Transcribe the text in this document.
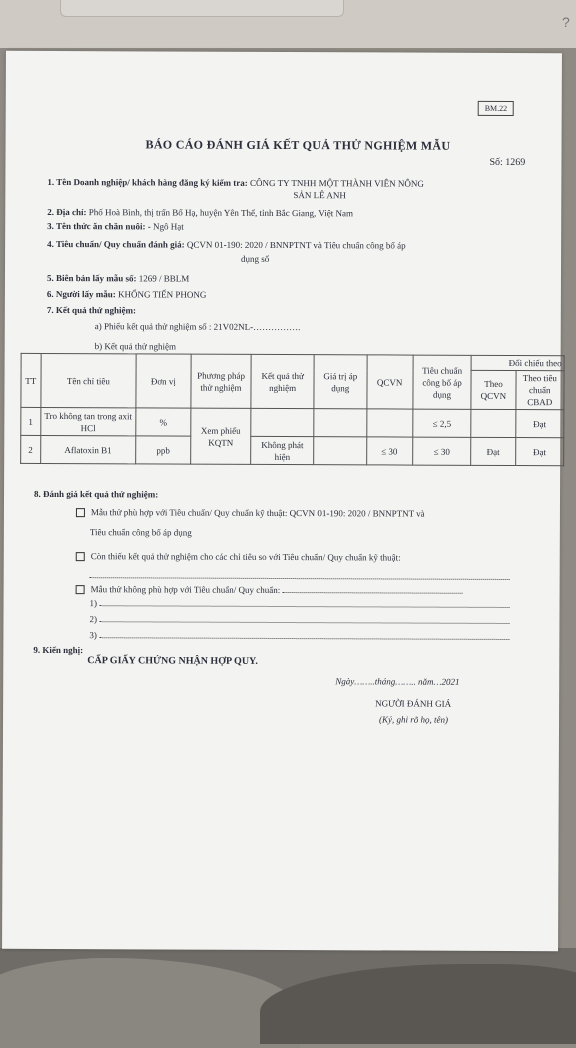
?
BM.22
BÁO CÁO ĐÁNH GIÁ KẾT QUẢ THỬ NGHIỆM MẪU
Số: 1269
1. Tên Doanh nghiệp/ khách hàng đăng ký kiểm tra: CÔNG TY TNHH MỘT THÀNH VIÊN NÔNG
SẢN LÊ ANH
2. Địa chỉ: Phố Hoà Bình, thị trấn Bố Hạ, huyện Yên Thế, tỉnh Bắc Giang, Việt Nam
3. Tên thức ăn chăn nuôi: - Ngô Hạt
4. Tiêu chuẩn/ Quy chuẩn đánh giá: QCVN 01-190: 2020 / BNNPTNT và Tiêu chuẩn công bố áp
dụng số
5. Biên bản lấy mẫu số: 1269 / BBLM
6. Người lấy mẫu: KHỔNG TIẾN PHONG
7. Kết quả thử nghiệm:
a) Phiếu kết quả thử nghiệm số : 21V02NL-…………….
b) Kết quả thử nghiệm
TT	Tên chỉ tiêu	Đơn vị	Phương pháp thử nghiệm	Kết quả thử nghiệm	Giá trị áp dụng	QCVN	Tiêu chuẩn công bố áp dụng	Đối chiếu theo	
								Theo QCVN	Theo tiêu chuẩn CBAD
1	Tro không tan trong axit HCl	%	Xem phiếu KQTN				≤ 2,5		Đạt
2	Aflatoxin B1	ppb		Không phát hiện		≤ 30	≤ 30	Đạt	Đạt
8. Đánh giá kết quả thử nghiệm:
Mẫu thử phù hợp với Tiêu chuẩn/ Quy chuẩn kỹ thuật: QCVN 01-190: 2020 / BNNPTNT và
Tiêu chuẩn công bố áp dụng
Còn thiếu kết quả thử nghiệm cho các chỉ tiêu so với Tiêu chuẩn/ Quy chuẩn kỹ thuật:
Mẫu thử không phù hợp với Tiêu chuẩn/ Quy chuẩn:
1)
2)
3)
9. Kiến nghị:
CẤP GIẤY CHỨNG NHẬN HỢP QUY.
Ngày……..tháng…….. năm…2021
NGƯỜI ĐÁNH GIÁ
(Ký, ghi rõ họ, tên)
